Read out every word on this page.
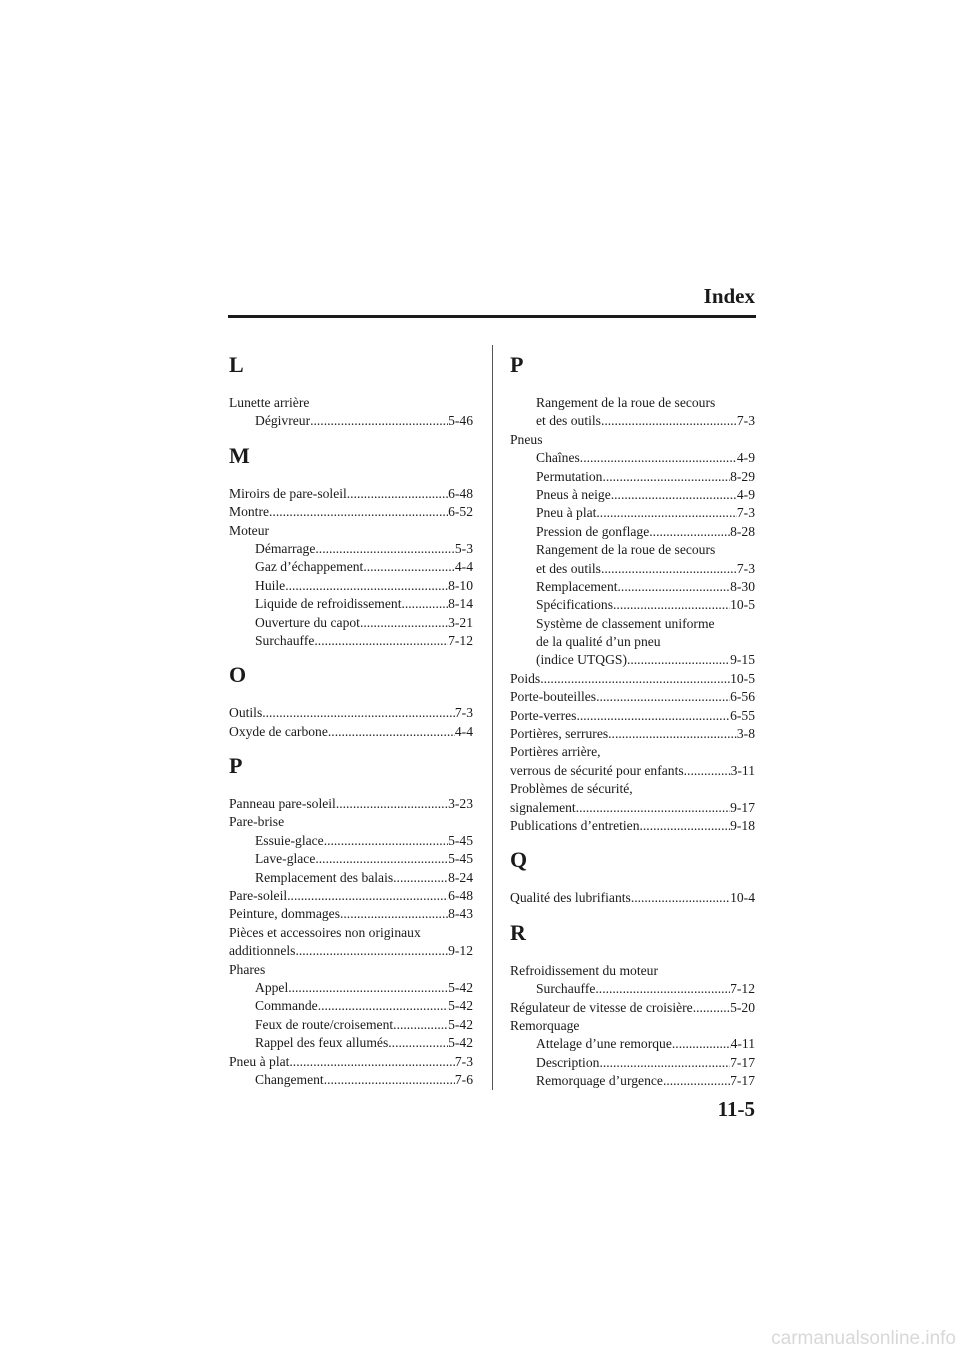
Index
L
Lunette arrière
Dégivreur .....	5-46
M
Miroirs de pare-soleil .....	6-48
Montre .....	6-52
Moteur
Démarrage .....	5-3
Gaz d’échappement .....	4-4
Huile .....	8-10
Liquide de refroidissement .....	8-14
Ouverture du capot .....	3-21
Surchauffe .....	7-12
O
Outils .....	7-3
Oxyde de carbone .....	4-4
P
Panneau pare-soleil .....	3-23
Pare-brise
Essuie-glace .....	5-45
Lave-glace .....	5-45
Remplacement des balais .....	8-24
Pare-soleil .....	6-48
Peinture, dommages .....	8-43
Pièces et accessoires non originaux
additionnels .....	9-12
Phares
Appel .....	5-42
Commande .....	5-42
Feux de route/croisement .....	5-42
Rappel des feux allumés .....	5-42
Pneu à plat .....	7-3
Changement .....	7-6
P
Rangement de la roue de secours
et des outils .....	7-3
Pneus
Chaînes .....	4-9
Permutation .....	8-29
Pneus à neige .....	4-9
Pneu à plat .....	7-3
Pression de gonflage .....	8-28
Rangement de la roue de secours
et des outils .....	7-3
Remplacement .....	8-30
Spécifications .....	10-5
Système de classement uniforme
de la qualité d’un pneu
(indice UTQGS) .....	9-15
Poids .....	10-5
Porte-bouteilles .....	6-56
Porte-verres .....	6-55
Portières, serrures .....	3-8
Portières arrière,
verrous de sécurité pour enfants .....	3-11
Problèmes de sécurité,
signalement .....	9-17
Publications d’entretien .....	9-18
Q
Qualité des lubrifiants .....	10-4
R
Refroidissement du moteur
Surchauffe .....	7-12
Régulateur de vitesse de croisière .....	5-20
Remorquage
Attelage d’une remorque .....	4-11
Description .....	7-17
Remorquage d’urgence .....	7-17
11-5
carmanualsonline.info
